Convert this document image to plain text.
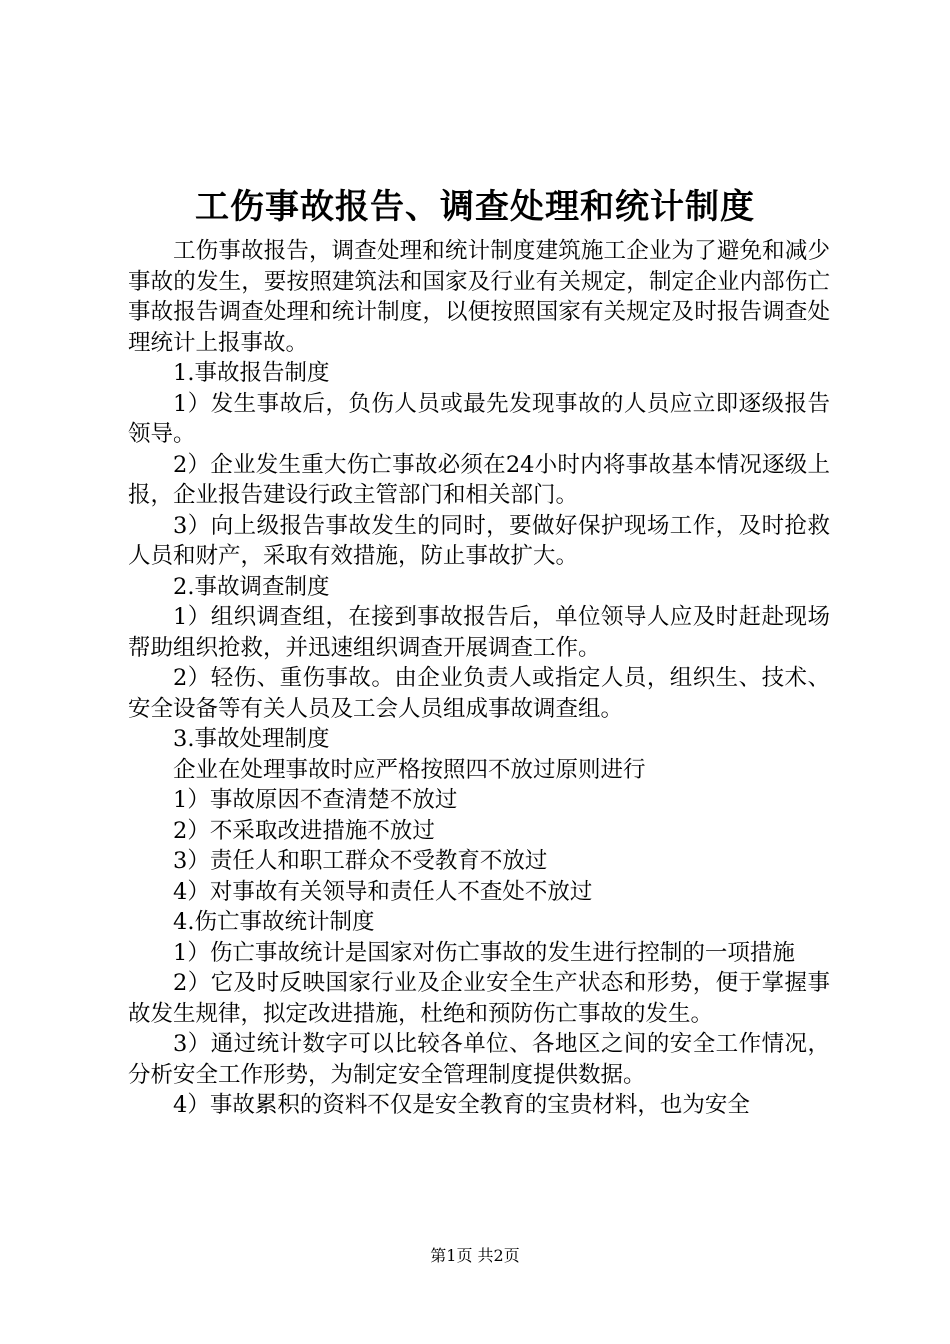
工伤事故报告、调查处理和统计制度

工伤事故报告，调查处理和统计制度建筑施工企业为了避免和减少事故的发生，要按照建筑法和国家及行业有关规定，制定企业内部伤亡事故报告调查处理和统计制度，以便按照国家有关规定及时报告调查处理统计上报事故。

1.事故报告制度

1）发生事故后，负伤人员或最先发现事故的人员应立即逐级报告领导。

2）企业发生重大伤亡事故必须在24小时内将事故基本情况逐级上报，企业报告建设行政主管部门和相关部门。

3）向上级报告事故发生的同时，要做好保护现场工作，及时抢救人员和财产，采取有效措施，防止事故扩大。

2.事故调查制度

1）组织调查组，在接到事故报告后，单位领导人应及时赶赴现场帮助组织抢救，并迅速组织调查开展调查工作。

2）轻伤、重伤事故。由企业负责人或指定人员，组织生、技术、安全设备等有关人员及工会人员组成事故调查组。

3.事故处理制度

企业在处理事故时应严格按照四不放过原则进行

1）事故原因不查清楚不放过

2）不采取改进措施不放过

3）责任人和职工群众不受教育不放过

4）对事故有关领导和责任人不查处不放过

4.伤亡事故统计制度

1）伤亡事故统计是国家对伤亡事故的发生进行控制的一项措施

2）它及时反映国家行业及企业安全生产状态和形势，便于掌握事故发生规律，拟定改进措施，杜绝和预防伤亡事故的发生。

3）通过统计数字可以比较各单位、各地区之间的安全工作情况，分析安全工作形势，为制定安全管理制度提供数据。

4）事故累积的资料不仅是安全教育的宝贵材料，也为安全

第1页 共2页
